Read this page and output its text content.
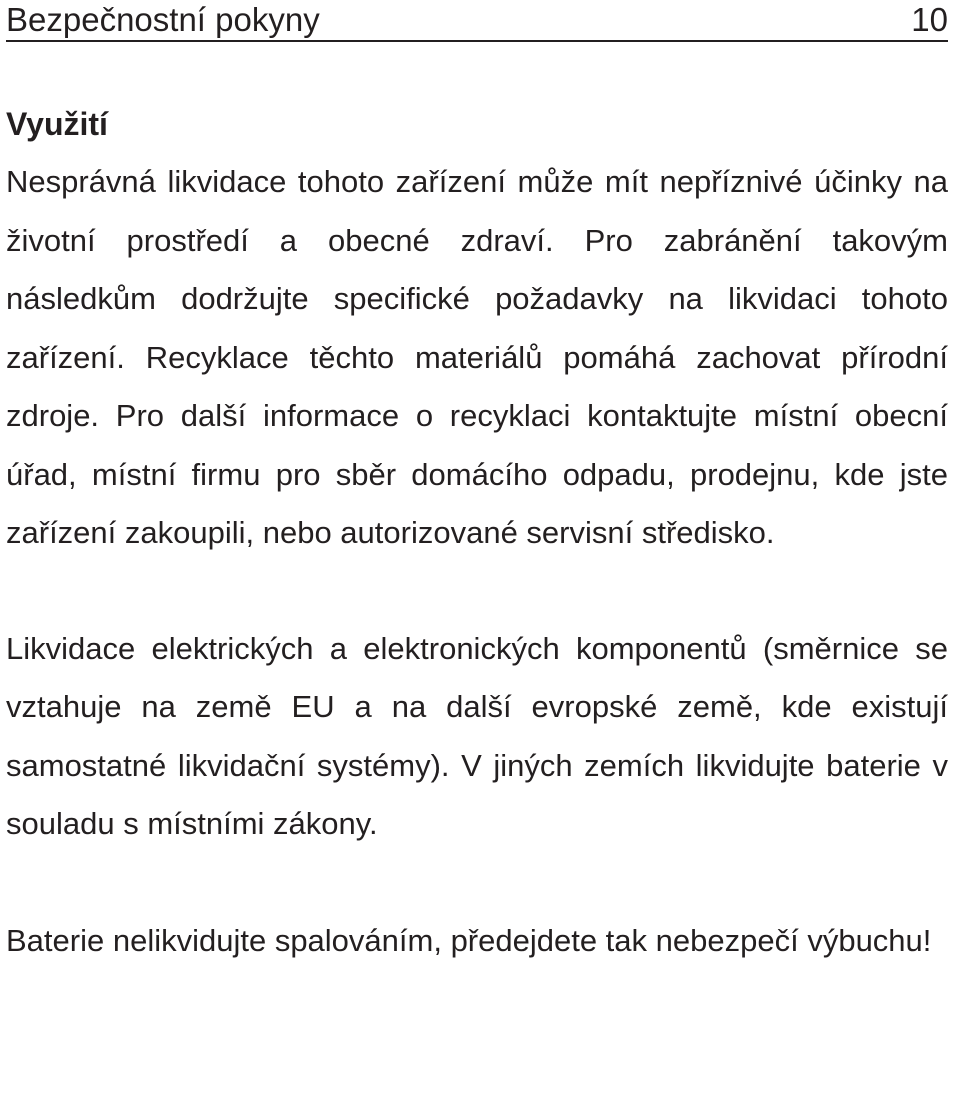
Bezpečnostní pokyny	10
Využití

Nesprávná likvidace tohoto zařízení může mít nepříznivé účinky na životní prostředí a obecné zdraví. Pro zabránění takovým následkům dodržujte specifické požadavky na likvidaci tohoto zařízení. Recyklace těchto materiálů pomáhá zachovat přírodní zdroje. Pro další informace o recyklaci kontaktujte místní obecní úřad, místní firmu pro sběr domácího odpadu, prodejnu, kde jste zařízení zakoupili, nebo autorizované servisní středisko.

Likvidace elektrických a elektronických komponentů (směrnice se vztahuje na země EU a na další evropské země, kde existují samostatné likvidační systémy). V jiných zemích likvidujte baterie v souladu s místními zákony.

Baterie nelikvidujte spalováním, předejdete tak nebezpečí výbuchu!
